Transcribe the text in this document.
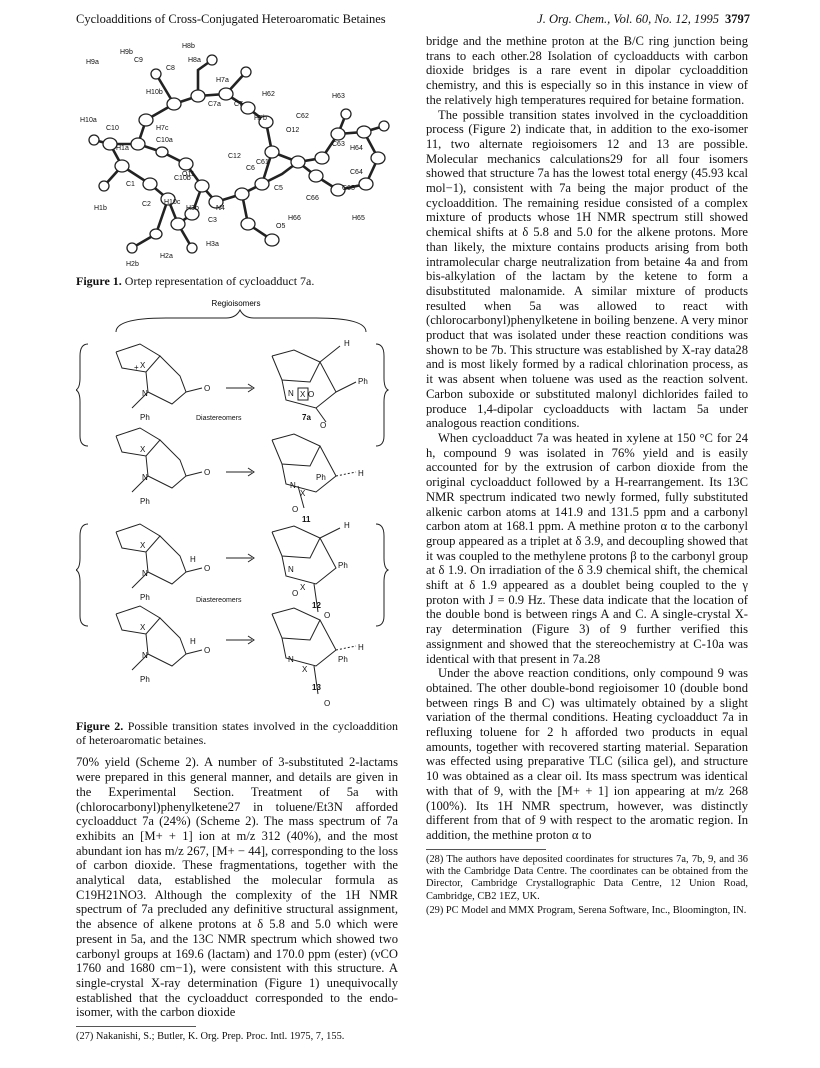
Cycloadditions of Cross-Conjugated Heteroaromatic Betaines	J. Org. Chem., Vol. 60, No. 12, 1995 3797
H9b
H8b
H9a	C9
C8
H8a
H7a
H62	H63
H10b
C7a C7
H7b	C62
H10a
C10	H7c
C10a
O12
C63
H1a
C12
C6
C61
H64
O11
C10b
C64
C1
H10c
C5	C65
C66
H1b
C2
H3b N4
C3
O5
H66	H65
H2b
H2a
H3a

Figure 1. Ortep representation of cycloadduct 7a.

Regioisomers
X
+
N
O
Ph
H
Ph
X O
N
7a
O
Diastereomers
X
N
O
Ph
H
Ph
N
X
O
11
X
H
N
O
Ph
H
Ph
N
X
O
12
O
Diastereomers
X
H
N
O
Ph
H
Ph
N
X
13
O

Figure 2. Possible transition states involved in the cycloaddition of heteroaromatic betaines.

70% yield (Scheme 2). A number of 3-substituted 2-lactams were prepared in this general manner, and details are given in the Experimental Section. Treatment of 5a with (chlorocarbonyl)phenylketene27 in toluene/Et3N afforded cycloadduct 7a (24%) (Scheme 2). The mass spectrum of 7a exhibits an [M+ + 1] ion at m/z 312 (40%), and the most abundant ion has m/z 267, [M+ − 44], corresponding to the loss of carbon dioxide. These fragmentations, together with the analytical data, established the molecular formula as C19H21NO3. Although the complexity of the 1H NMR spectrum of 7a precluded any definitive structural assignment, the absence of alkene protons at δ 5.8 and 5.0 which were present in 5a, and the 13C NMR spectrum which showed two carbonyl groups at 169.6 (lactam) and 170.0 ppm (ester) (νCO 1760 and 1680 cm−1), were consistent with this structure. A single-crystal X-ray determination (Figure 1) unequivocally established that the cycloadduct corresponded to the endo-isomer, with the carbon dioxide

(27) Nakanishi, S.; Butler, K. Org. Prep. Proc. Intl. 1975, 7, 155.

bridge and the methine proton at the B/C ring junction being trans to each other.28 Isolation of cycloadducts with carbon dioxide bridges is a rare event in dipolar cycloaddition chemistry, and this is especially so in this instance in view of the relatively high temperatures required for betaine formation.

The possible transition states involved in the cycloaddition process (Figure 2) indicate that, in addition to the exo-isomer 11, two alternate regioisomers 12 and 13 are possible. Molecular mechanics calculations29 for all four isomers showed that structure 7a has the lowest total energy (45.93 kcal mol−1), consistent with 7a being the major product of the cycloaddition. The remaining residue consisted of a complex mixture of products whose 1H NMR spectrum still showed chemical shifts at δ 5.8 and 5.0 for the alkene protons. More than likely, the mixture contains products arising from both intramolecular charge neutralization from betaine 4a and from bis-alkylation of the lactam by the ketene to form a disubstituted malonamide. A similar mixture of products resulted when 5a was allowed to react with (chlorocarbonyl)phenylketene in boiling benzene. A very minor product that was isolated under these reaction conditions was shown to be 7b. This structure was established by X-ray data28 and is most likely formed by a radical chlorination process, as it was absent when toluene was used as the reaction solvent. Carbon suboxide or substituted malonyl dichlorides failed to produce 1,4-dipolar cycloadducts with lactam 5a under analogous reaction conditions.

When cycloadduct 7a was heated in xylene at 150 °C for 24 h, compound 9 was isolated in 76% yield and is easily accounted for by the extrusion of carbon dioxide from the original cycloadduct followed by a H-rearrangement. Its 13C NMR spectrum indicated two newly formed, fully substituted alkenic carbon atoms at 141.9 and 131.5 ppm and a carbonyl carbon atom at 168.1 ppm. A methine proton α to the carbonyl group appeared as a triplet at δ 3.9, and decoupling showed that it was coupled to the methylene protons β to the carbonyl group at δ 1.9. On irradiation of the δ 3.9 chemical shift, the chemical shift at δ 1.9 appeared as a doublet being coupled to the γ proton with J = 0.9 Hz. These data indicate that the location of the double bond is between rings A and C. A single-crystal X-ray determination (Figure 3) of 9 further verified this assignment and showed that the stereochemistry at C-10a was identical with that present in 7a.28

Under the above reaction conditions, only compound 9 was obtained. The other double-bond regioisomer 10 (double bond between rings B and C) was ultimately obtained by a slight variation of the thermal conditions. Heating cycloadduct 7a in refluxing toluene for 2 h afforded two products in equal amounts, together with recovered starting material. Separation was effected using preparative TLC (silica gel), and structure 10 was obtained as a clear oil. Its mass spectrum was identical with that of 9, with the [M+ + 1] ion appearing at m/z 268 (100%). Its 1H NMR spectrum, however, was distinctly different from that of 9 with respect to the aromatic region. In addition, the methine proton α to

(28) The authors have deposited coordinates for structures 7a, 7b, 9, and 36 with the Cambridge Data Centre. The coordinates can be obtained from the Director, Cambridge Crystallographic Data Centre, 12 Union Road, Cambridge, CB2 1EZ, UK.

(29) PC Model and MMX Program, Serena Software, Inc., Bloomington, IN.
